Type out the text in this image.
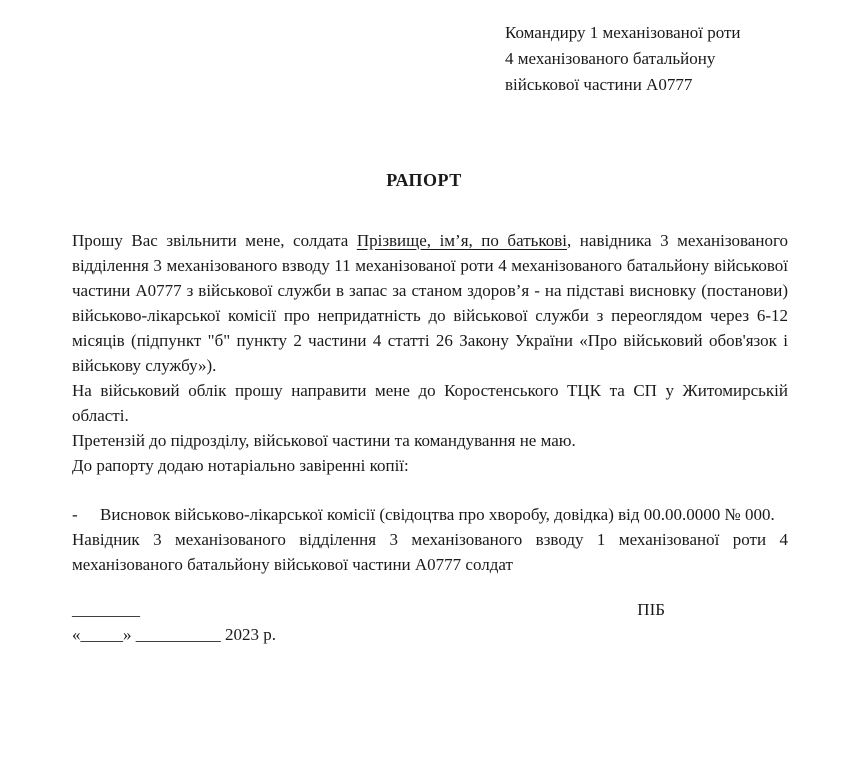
Командиру 1 механізованої роти
4 механізованого батальйону
військової частини А0777
РАПОРТ

Прошу Вас звільнити мене, солдата Прізвище, ім’я, по батькові, навідника 3 механізованого відділення 3 механізованого взводу 11 механізованої роти 4 механізованого батальйону військової частини А0777 з військової служби в запас за станом здоров’я - на підставі висновку (постанови) військово-лікарської комісії про непридатність до військової служби з переоглядом через 6-12 місяців (підпункт "б" пункту 2 частини 4 статті 26 Закону України «Про військовий обов'язок і військову службу»).

На військовий облік прошу направити мене до Коростенського ТЦК та СП у Житомирській області.

Претензій до підрозділу, військової частини та командування не маю.

До рапорту додаю нотаріально завіренні копії:

-	Висновок військово-лікарської комісії (свідоцтва про хворобу, довідка) від 00.00.0000 № 000.

Навідник 3 механізованого відділення 3 механізованого взводу 1 механізованої роти 4 механізованого батальйону військової частини А0777 солдат

________	ПІБ

«_____» __________ 2023 р.
